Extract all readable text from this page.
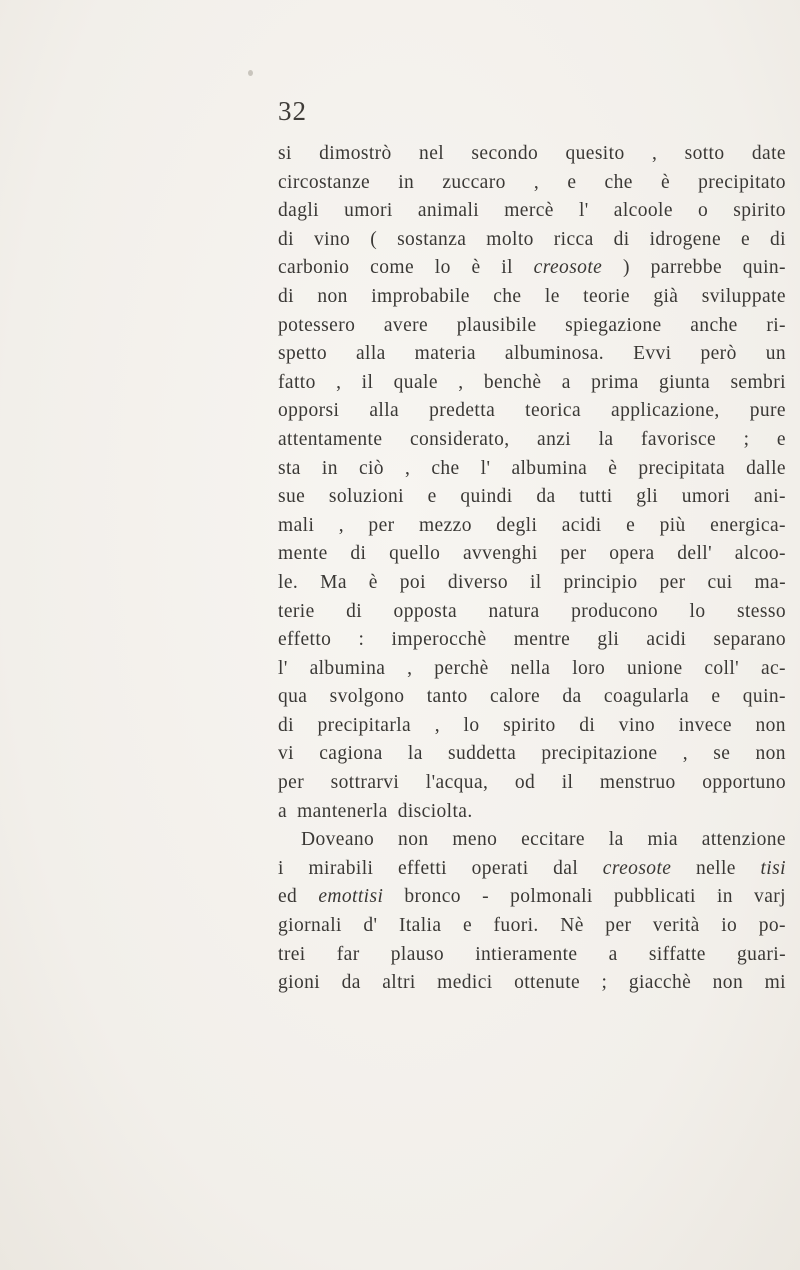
32
si dimostrò nel secondo quesito , sotto date
circostanze in zuccaro , e che è precipitato
dagli umori animali mercè l' alcoole o spirito
di vino ( sostanza molto ricca di idrogene e di
carbonio come lo è il creosote ) parrebbe quin-
di non improbabile che le teorie già sviluppate
potessero avere plausibile spiegazione anche ri-
spetto alla materia albuminosa. Evvi però un
fatto , il quale , benchè a prima giunta sembri
opporsi alla predetta teorica applicazione, pure
attentamente considerato, anzi la favorisce ; e
sta in ciò , che l' albumina è precipitata dalle
sue soluzioni e quindi da tutti gli umori ani-
mali , per mezzo degli acidi e più energica-
mente di quello avvenghi per opera dell' alcoo-
le. Ma è poi diverso il principio per cui ma-
terie di opposta natura producono lo stesso
effetto : imperocchè mentre gli acidi separano
l' albumina , perchè nella loro unione coll' ac-
qua svolgono tanto calore da coagularla e quin-
di precipitarla , lo spirito di vino invece non
vi cagiona la suddetta precipitazione , se non
per sottrarvi l'acqua, od il menstruo opportuno
a mantenerla disciolta.
Doveano non meno eccitare la mia attenzione
i mirabili effetti operati dal creosote nelle tisi
ed emottisi bronco - polmonali pubblicati in varj
giornali d' Italia e fuori. Nè per verità io po-
trei far plauso intieramente a siffatte guari-
gioni da altri medici ottenute ; giacchè non mi
